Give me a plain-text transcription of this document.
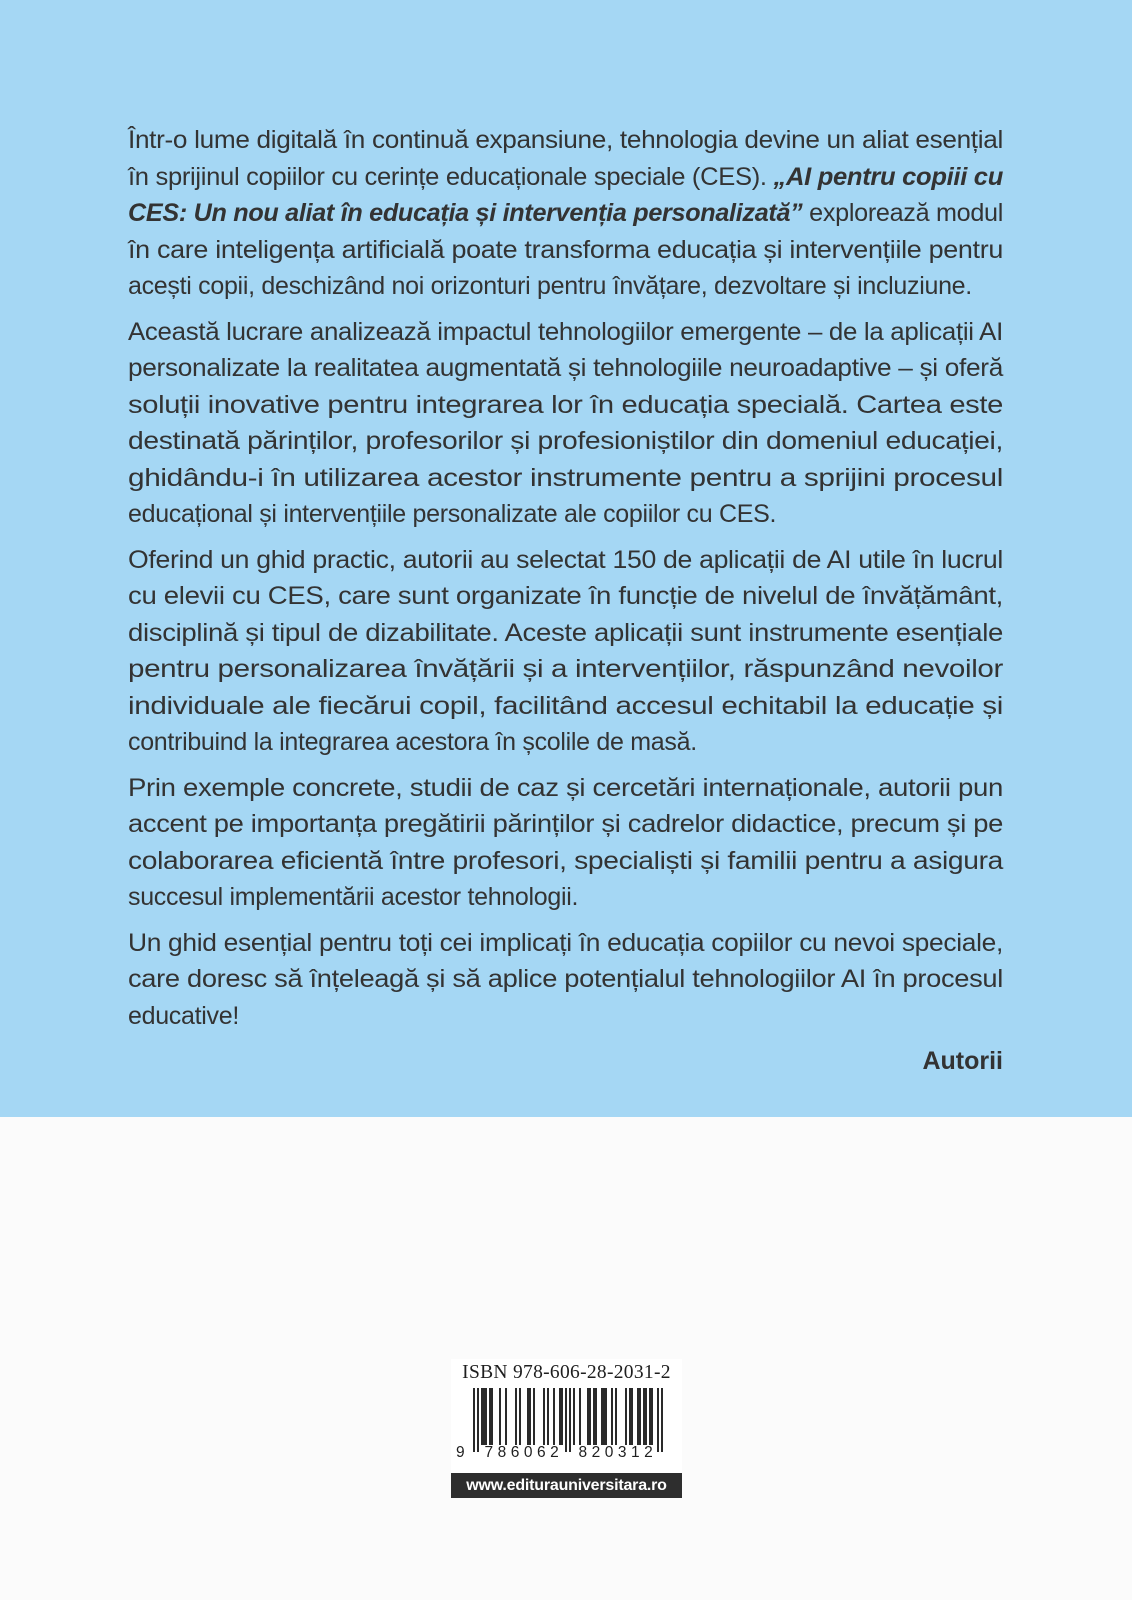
Într-o lume digitală în continuă expansiune, tehnologia devine un aliat esențial
în sprijinul copiilor cu cerințe educaționale speciale (CES). „AI pentru copiii cu
CES: Un nou aliat în educația și intervenția personalizată” explorează modul
în care inteligența artificială poate transforma educația și intervențiile pentru
acești copii, deschizând noi orizonturi pentru învățare, dezvoltare și incluziune.
Această lucrare analizează impactul tehnologiilor emergente – de la aplicații AI
personalizate la realitatea augmentată și tehnologiile neuroadaptive – și oferă
soluții inovative pentru integrarea lor în educația specială. Cartea este
destinată părinților, profesorilor și profesioniștilor din domeniul educației,
ghidându-i în utilizarea acestor instrumente pentru a sprijini procesul
educațional și intervențiile personalizate ale copiilor cu CES.
Oferind un ghid practic, autorii au selectat 150 de aplicații de AI utile în lucrul
cu elevii cu CES, care sunt organizate în funcție de nivelul de învățământ,
disciplină și tipul de dizabilitate. Aceste aplicații sunt instrumente esențiale
pentru personalizarea învățării și a intervențiilor, răspunzând nevoilor
individuale ale fiecărui copil, facilitând accesul echitabil la educație și
contribuind la integrarea acestora în școlile de masă.
Prin exemple concrete, studii de caz și cercetări internaționale, autorii pun
accent pe importanța pregătirii părinților și cadrelor didactice, precum și pe
colaborarea eficientă între profesori, specialiști și familii pentru a asigura
succesul implementării acestor tehnologii.
Un ghid esențial pentru toți cei implicați în educația copiilor cu nevoi speciale,
care doresc să înțeleagă și să aplice potențialul tehnologiilor AI în procesul
educative!
Autorii
ISBN 978-606-28-2031-2
9 786062 820312
www.editurauniversitara.ro
